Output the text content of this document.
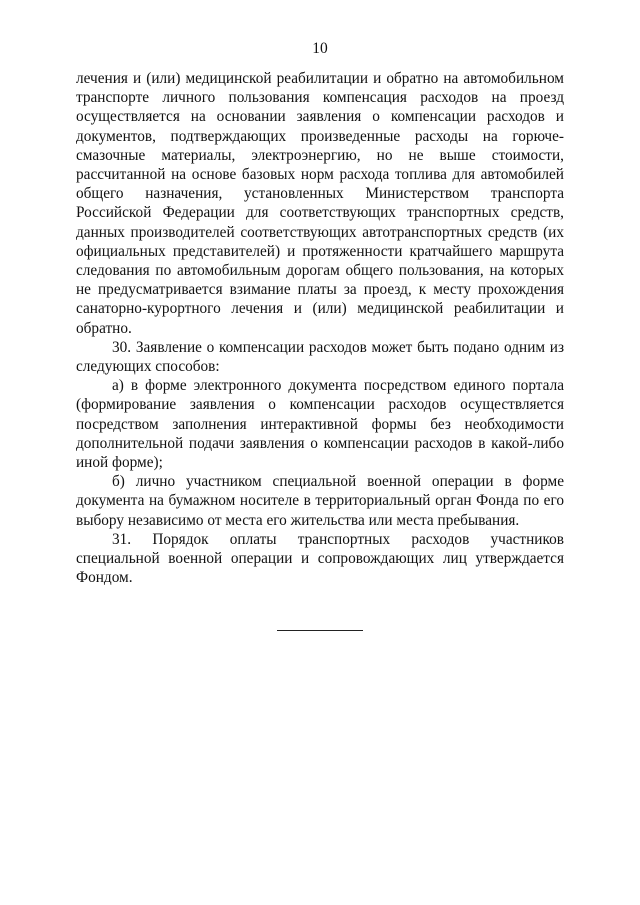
10

лечения и (или) медицинской реабилитации и обратно на автомобильном транспорте личного пользования компенсация расходов на проезд осуществляется на основании заявления о компенсации расходов и документов, подтверждающих произведенные расходы на горюче-смазочные материалы, электроэнергию, но не выше стоимости, рассчитанной на основе базовых норм расхода топлива для автомобилей общего назначения, установленных Министерством транспорта Российской Федерации для соответствующих транспортных средств, данных производителей соответствующих автотранспортных средств (их официальных представителей) и протяженности кратчайшего маршрута следования по автомобильным дорогам общего пользования, на которых не предусматривается взимание платы за проезд, к месту прохождения санаторно-курортного лечения и (или) медицинской реабилитации и обратно.

30. Заявление о компенсации расходов может быть подано одним из следующих способов:

а) в форме электронного документа посредством единого портала (формирование заявления о компенсации расходов осуществляется посредством заполнения интерактивной формы без необходимости дополнительной подачи заявления о компенсации расходов в какой-либо иной форме);

б) лично участником специальной военной операции в форме документа на бумажном носителе в территориальный орган Фонда по его выбору независимо от места его жительства или места пребывания.

31. Порядок оплаты транспортных расходов участников специальной военной операции и сопровождающих лиц утверждается Фондом.
